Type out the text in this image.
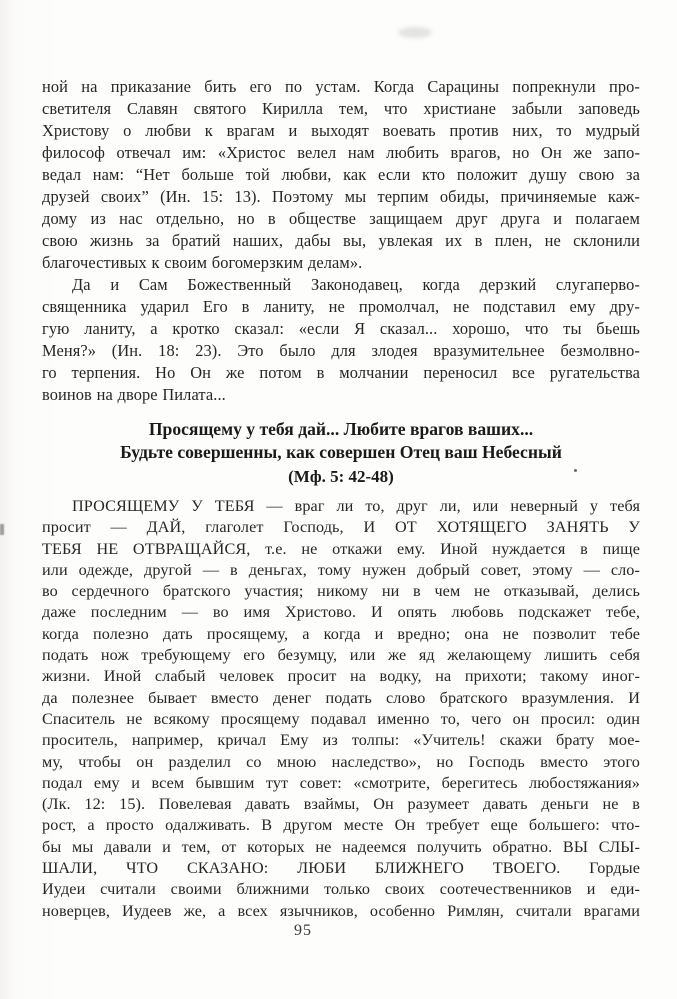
ной на приказание бить его по устам. Когда Сарацины попрекнули про-
светителя Славян святого Кирилла тем, что христиане забыли заповедь
Христову о любви к врагам и выходят воевать против них, то мудрый
философ отвечал им: «Христос велел нам любить врагов, но Он же запо-
ведал нам: “Нет больше той любви, как если кто положит душу свою за
друзей своих” (Ин. 15: 13). Поэтому мы терпим обиды, причиняемые каж-
дому из нас отдельно, но в обществе защищаем друг друга и полагаем
свою жизнь за братий наших, дабы вы, увлекая их в плен, не склонили
благочестивых к своим богомерзким делам».
Да и Сам Божественный Законодавец, когда дерзкий слугаперво-
священника ударил Его в ланиту, не промолчал, не подставил ему дру-
гую ланиту, а кротко сказал: «если Я сказал... хорошо, что ты бьешь
Меня?» (Ин. 18: 23). Это было для злодея вразумительнее безмолвно-
го терпения. Но Он же потом в молчании переносил все ругательства
воинов на дворе Пилата...
Просящему у тебя дай... Любите врагов ваших...
Будьте совершенны, как совершен Отец ваш Небесный
(Мф. 5: 42-48)
ПРОСЯЩЕМУ У ТЕБЯ — враг ли то, друг ли, или неверный у тебя
просит — ДАЙ, глаголет Господь, И ОТ ХОТЯЩЕГО ЗАНЯТЬ У
ТЕБЯ НЕ ОТВРАЩАЙСЯ, т.е. не откажи ему. Иной нуждается в пище
или одежде, другой — в деньгах, тому нужен добрый совет, этому — сло-
во сердечного братского участия; никому ни в чем не отказывай, делись
даже последним — во имя Христово. И опять любовь подскажет тебе,
когда полезно дать просящему, а когда и вредно; она не позволит тебе
подать нож требующему его безумцу, или же яд желающему лишить себя
жизни. Иной слабый человек просит на водку, на прихоти; такому иног-
да полезнее бывает вместо денег подать слово братского вразумления. И
Спаситель не всякому просящему подавал именно то, чего он просил: один
проситель, например, кричал Ему из толпы: «Учитель! скажи брату мое-
му, чтобы он разделил со мною наследство», но Господь вместо этого
подал ему и всем бывшим тут совет: «смотрите, берегитесь любостяжания»
(Лк. 12: 15). Повелевая давать взаймы, Он разумеет давать деньги не в
рост, а просто одалживать. В другом месте Он требует еще большего: что-
бы мы давали и тем, от которых не надеемся получить обратно. ВЫ СЛЫ-
ШАЛИ, ЧТО СКАЗАНО: ЛЮБИ БЛИЖНЕГО ТВОЕГО. Гордые
Иудеи считали своими ближними только своих соотечественников и еди-
новерцев, Иудеев же, а всех язычников, особенно Римлян, считали врагами
95
